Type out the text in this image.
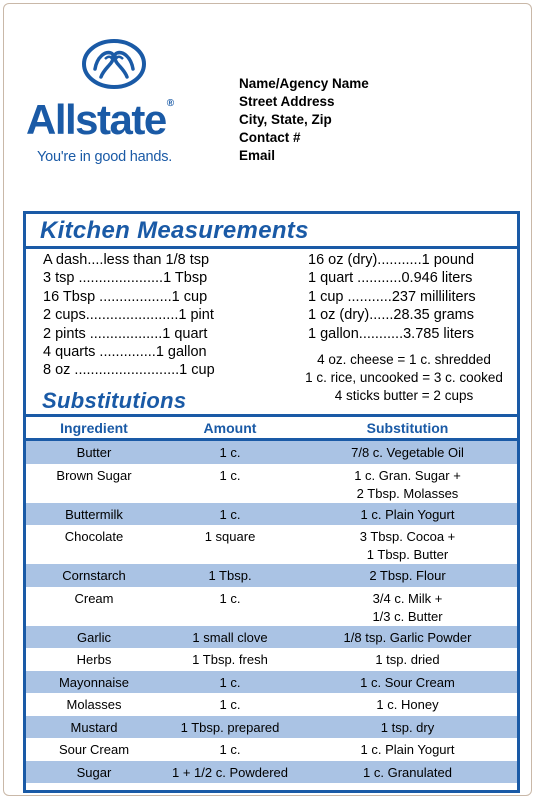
Allstate®
You're in good hands.
Name/Agency Name
Street Address
City, State, Zip
Contact #
Email
Kitchen Measurements
A dash....less than 1/8 tsp
3 tsp .....................1 Tbsp
16 Tbsp ..................1 cup
2 cups.......................1 pint
2 pints ..................1 quart
4 quarts ..............1 gallon
8 oz ..........................1 cup
16 oz (dry)...........1 pound
1 quart ...........0.946 liters
1 cup ...........237 milliliters
1 oz (dry)......28.35 grams
1 gallon...........3.785 liters
4 oz. cheese = 1 c. shredded
1 c. rice, uncooked = 3 c. cooked
4 sticks butter = 2 cups
Substitutions
Ingredient	Amount	Substitution
Butter	1 c.	7/8 c. Vegetable Oil
Brown Sugar	1 c.	1 c. Gran. Sugar +
2 Tbsp. Molasses
Buttermilk	1 c.	1 c. Plain Yogurt
Chocolate	1 square	3 Tbsp. Cocoa +
1 Tbsp. Butter
Cornstarch	1 Tbsp.	2 Tbsp. Flour
Cream	1 c.	3/4 c. Milk +
1/3 c. Butter
Garlic	1 small clove	1/8 tsp. Garlic Powder
Herbs	1 Tbsp. fresh	1 tsp. dried
Mayonnaise	1 c.	1 c. Sour Cream
Molasses	1 c.	1 c. Honey
Mustard	1 Tbsp. prepared	1 tsp. dry
Sour Cream	1 c.	1 c. Plain Yogurt
Sugar	1 + 1/2 c. Powdered	1 c. Granulated
